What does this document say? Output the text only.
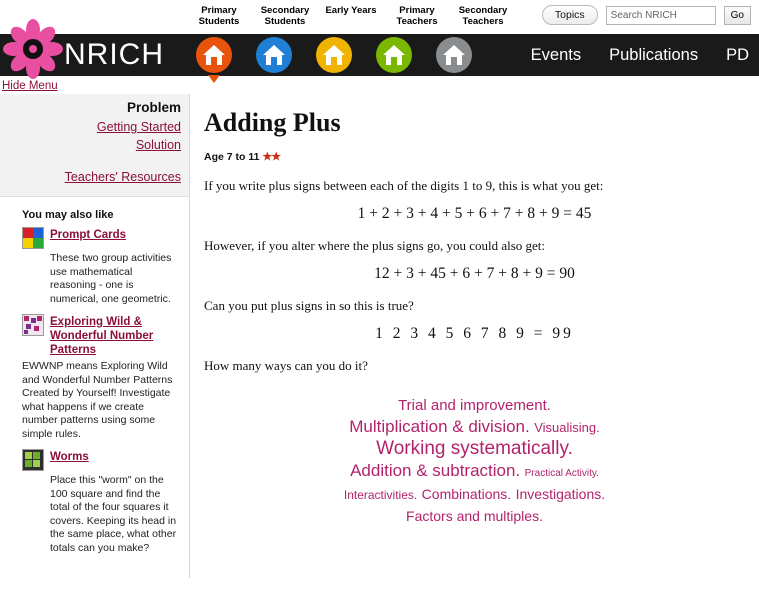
Primary
Students
Secondary
Students
Early Years	Primary
Teachers
Secondary
Teachers
Topics
Search NRICH	Go
NRICH	Events Publications PD
Hide Menu
Problem
Getting Started
Solution
Teachers' Resources
You may also like
Prompt Cards
These two group activities use mathematical reasoning - one is numerical, one geometric.
Exploring Wild & Wonderful Number Patterns
EWWNP means Exploring Wild and Wonderful Number Patterns Created by Yourself! Investigate what happens if we create number patterns using some simple rules.
Worms
Place this "worm" on the 100 square and find the total of the four squares it covers. Keeping its head in the same place, what other totals can you make?
Adding Plus
Age 7 to 11 ★★

If you write plus signs between each of the digits 1 to 9, this is what you get:

1 + 2 + 3 + 4 + 5 + 6 + 7 + 8 + 9 = 45

However, if you alter where the plus signs go, you could also get:

12 + 3 + 45 + 6 + 7 + 8 + 9 = 90

Can you put plus signs in so this is true?

1 2 3 4 5 6 7 8 9 = 99

How many ways can you do it?

Trial and improvement.
Multiplication & division. Visualising.
Working systematically.
Addition & subtraction. Practical Activity.
Interactivities. Combinations. Investigations.
Factors and multiples.
